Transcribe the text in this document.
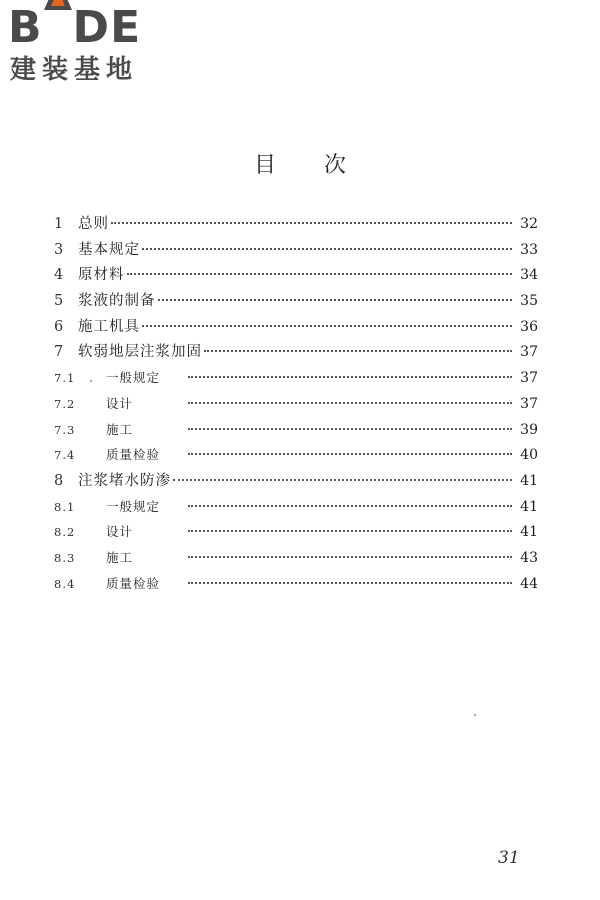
B DE
建装基地
目次
1	总则	32
3	基本规定	33
4	原材料	34
5	浆液的制备	35
6	施工机具	36
7	软弱地层注浆加固	37
7.1	一般规定	37
7.2	设计	37
7.3	施工	39
7.4	质量检验	40
8	注浆堵水防渗	41
8.1	一般规定	41
8.2	设计	41
8.3	施工	43
8.4	质量检验	44
31
